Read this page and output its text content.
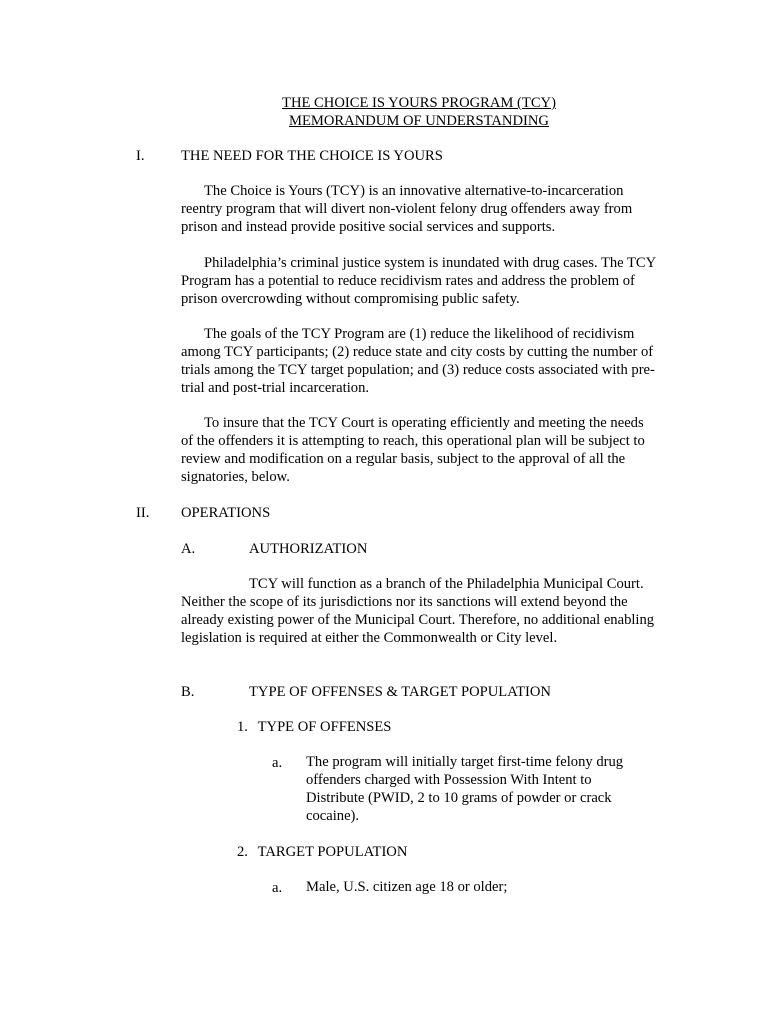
THE CHOICE IS YOURS PROGRAM (TCY)
MEMORANDUM OF UNDERSTANDING
I. THE NEED FOR THE CHOICE IS YOURS

The Choice is Yours (TCY) is an innovative alternative-to-incarceration reentry program that will divert non-violent felony drug offenders away from prison and instead provide positive social services and supports.

Philadelphia’s criminal justice system is inundated with drug cases. The TCY Program has a potential to reduce recidivism rates and address the problem of prison overcrowding without compromising public safety.

The goals of the TCY Program are (1) reduce the likelihood of recidivism among TCY participants; (2) reduce state and city costs by cutting the number of trials among the TCY target population; and (3) reduce costs associated with pre-trial and post-trial incarceration.

To insure that the TCY Court is operating efficiently and meeting the needs of the offenders it is attempting to reach, this operational plan will be subject to review and modification on a regular basis, subject to the approval of all the signatories, below.

II. OPERATIONS
A.	AUTHORIZATION

TCY will function as a branch of the Philadelphia Municipal Court. Neither the scope of its jurisdictions nor its sanctions will extend beyond the already existing power of the Municipal Court. Therefore, no additional enabling legislation is required at either the Commonwealth or City level.

B.	TYPE OF OFFENSES & TARGET POPULATION
1. TYPE OF OFFENSES
a. The program will initially target first-time felony drug offenders charged with Possession With Intent to Distribute (PWID, 2 to 10 grams of powder or crack cocaine).

2. TARGET POPULATION
a. Male, U.S. citizen age 18 or older;
